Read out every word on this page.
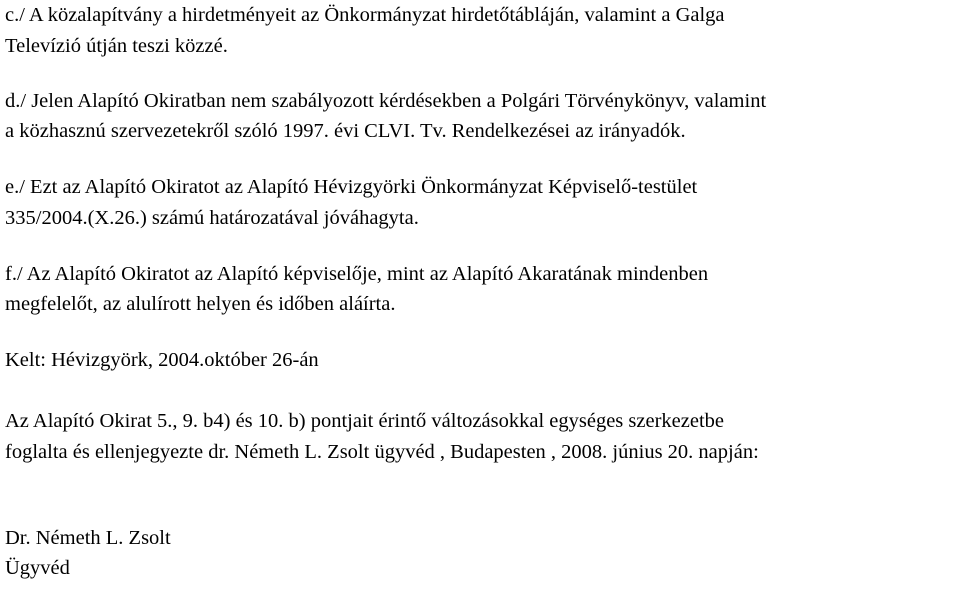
c./ A közalapítvány a hirdetményeit az Önkormányzat hirdetőtábláján, valamint a Galga
Televízió útján teszi közzé.
d./ Jelen Alapító Okiratban nem szabályozott kérdésekben a Polgári Törvénykönyv, valamint
a közhasznú szervezetekről szóló 1997. évi CLVI. Tv. Rendelkezései az irányadók.
e./ Ezt az Alapító Okiratot az Alapító Hévizgyörki Önkormányzat Képviselő-testület
335/2004.(X.26.) számú határozatával jóváhagyta.
f./ Az Alapító Okiratot az Alapító képviselője, mint az Alapító Akaratának mindenben
megfelelőt, az alulírott helyen és időben aláírta.
Kelt: Hévizgyörk, 2004.október 26-án
Az Alapító Okirat 5., 9. b4) és 10. b) pontjait érintő változásokkal egységes szerkezetbe
foglalta és ellenjegyezte dr. Németh L. Zsolt ügyvéd , Budapesten , 2008. június 20. napján:
Dr. Németh L. Zsolt
Ügyvéd
